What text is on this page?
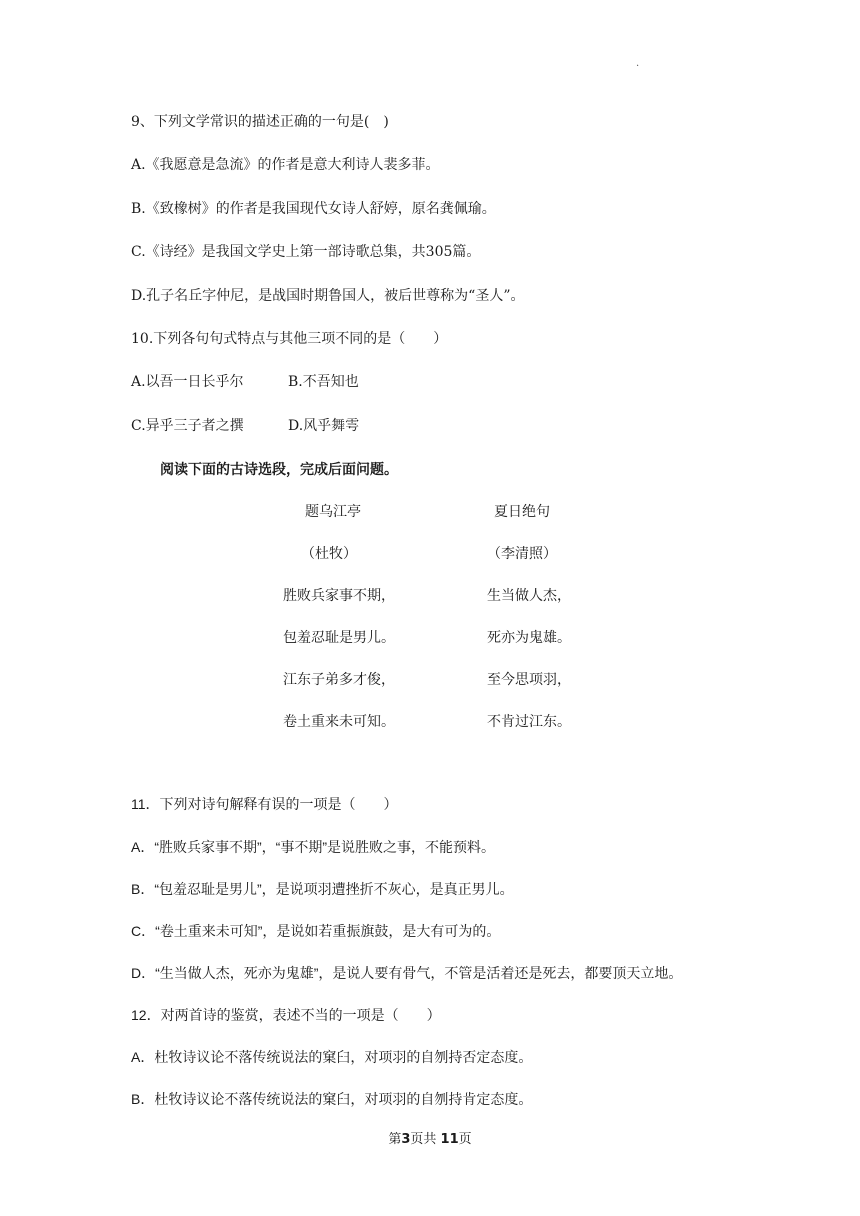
.
9、下列文学常识的描述正确的一句是(　)
A.《我愿意是急流》的作者是意大利诗人裴多菲。
B.《致橡树》的作者是我国现代女诗人舒婷，原名龚佩瑜。
C.《诗经》是我国文学史上第一部诗歌总集，共305篇。
D.孔子名丘字仲尼，是战国时期鲁国人，被后世尊称为“圣人”。
10.下列各句句式特点与其他三项不同的是（　　）
A.以吾一日长乎尔	B.不吾知也
C.异乎三子者之撰	D.风乎舞雩
阅读下面的古诗选段，完成后面问题。
题乌江亭
（杜牧）
胜败兵家事不期，
包羞忍耻是男儿。
江东子弟多才俊，
卷土重来未可知。
夏日绝句
（李清照）
生当做人杰，
死亦为鬼雄。
至今思项羽，
不肯过江东。
11．下列对诗句解释有误的一项是（　　）
A．“胜败兵家事不期”，“事不期”是说胜败之事，不能预料。
B．“包羞忍耻是男儿”，是说项羽遭挫折不灰心，是真正男儿。
C．“卷土重来未可知”，是说如若重振旗鼓，是大有可为的。
D．“生当做人杰，死亦为鬼雄”，是说人要有骨气，不管是活着还是死去，都要顶天立地。
12．对两首诗的鉴赏，表述不当的一项是（　　）
A．杜牧诗议论不落传统说法的窠臼，对项羽的自刎持否定态度。
B．杜牧诗议论不落传统说法的窠臼，对项羽的自刎持肯定态度。
第3页共 11页
